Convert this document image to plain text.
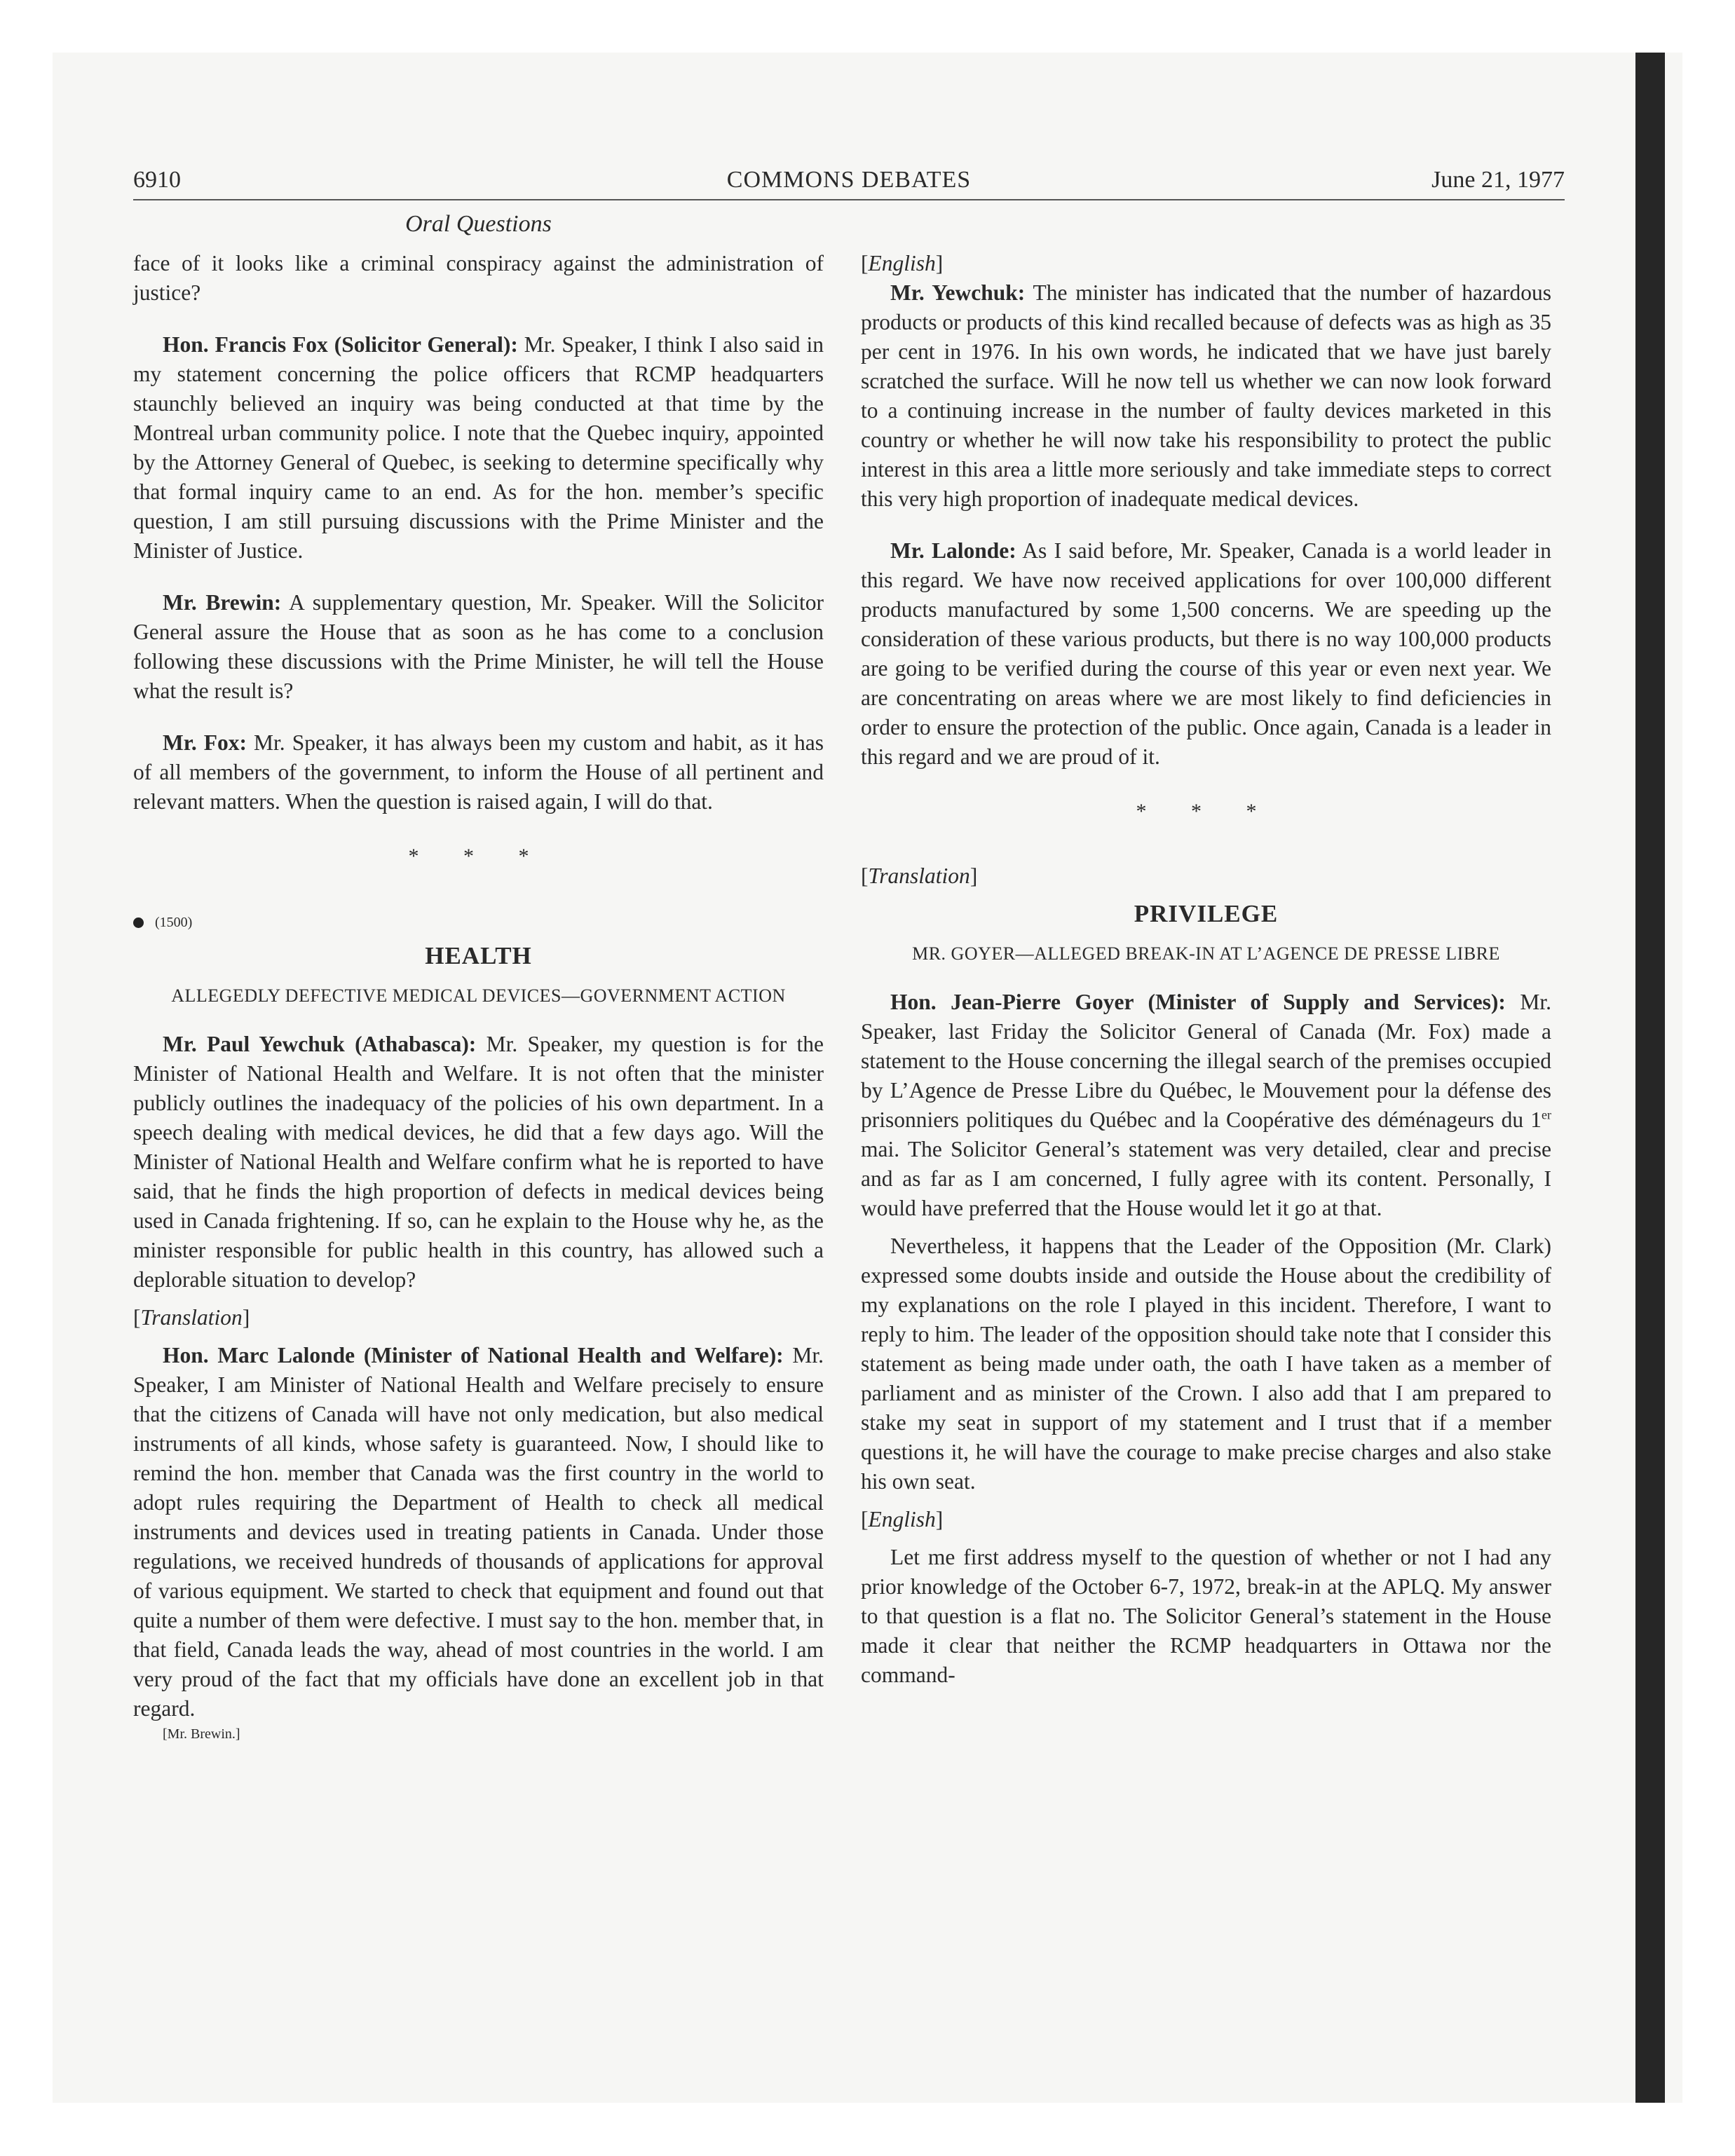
6910	COMMONS DEBATES	June 21, 1977
Oral Questions

face of it looks like a criminal conspiracy against the administration of justice?

Hon. Francis Fox (Solicitor General): Mr. Speaker, I think I also said in my statement concerning the police officers that RCMP headquarters staunchly believed an inquiry was being conducted at that time by the Montreal urban community police. I note that the Quebec inquiry, appointed by the Attorney General of Quebec, is seeking to determine specifically why that formal inquiry came to an end. As for the hon. member’s specific question, I am still pursuing discussions with the Prime Minister and the Minister of Justice.

Mr. Brewin: A supplementary question, Mr. Speaker. Will the Solicitor General assure the House that as soon as he has come to a conclusion following these discussions with the Prime Minister, he will tell the House what the result is?

Mr. Fox: Mr. Speaker, it has always been my custom and habit, as it has of all members of the government, to inform the House of all pertinent and relevant matters. When the question is raised again, I will do that.

* * *
(1500)
HEALTH
ALLEGEDLY DEFECTIVE MEDICAL DEVICES—GOVERNMENT ACTION

Mr. Paul Yewchuk (Athabasca): Mr. Speaker, my question is for the Minister of National Health and Welfare. It is not often that the minister publicly outlines the inadequacy of the policies of his own department. In a speech dealing with medical devices, he did that a few days ago. Will the Minister of National Health and Welfare confirm what he is reported to have said, that he finds the high proportion of defects in medical devices being used in Canada frightening. If so, can he explain to the House why he, as the minister responsible for public health in this country, has allowed such a deplorable situation to develop?

[Translation]

Hon. Marc Lalonde (Minister of National Health and Welfare): Mr. Speaker, I am Minister of National Health and Welfare precisely to ensure that the citizens of Canada will have not only medication, but also medical instruments of all kinds, whose safety is guaranteed. Now, I should like to remind the hon. member that Canada was the first country in the world to adopt rules requiring the Department of Health to check all medical instruments and devices used in treating patients in Canada. Under those regulations, we received hundreds of thousands of applications for approval of various equipment. We started to check that equipment and found out that quite a number of them were defective. I must say to the hon. member that, in that field, Canada leads the way, ahead of most countries in the world. I am very proud of the fact that my officials have done an excellent job in that regard.

[Mr. Brewin.]

[English]

Mr. Yewchuk: The minister has indicated that the number of hazardous products or products of this kind recalled because of defects was as high as 35 per cent in 1976. In his own words, he indicated that we have just barely scratched the surface. Will he now tell us whether we can now look forward to a continuing increase in the number of faulty devices marketed in this country or whether he will now take his responsibility to protect the public interest in this area a little more seriously and take immediate steps to correct this very high proportion of inadequate medical devices.

Mr. Lalonde: As I said before, Mr. Speaker, Canada is a world leader in this regard. We have now received applications for over 100,000 different products manufactured by some 1,500 concerns. We are speeding up the consideration of these various products, but there is no way 100,000 products are going to be verified during the course of this year or even next year. We are concentrating on areas where we are most likely to find deficiencies in order to ensure the protection of the public. Once again, Canada is a leader in this regard and we are proud of it.

* * *

[Translation]

PRIVILEGE
MR. GOYER—ALLEGED BREAK-IN AT L’AGENCE DE PRESSE LIBRE

Hon. Jean-Pierre Goyer (Minister of Supply and Services): Mr. Speaker, last Friday the Solicitor General of Canada (Mr. Fox) made a statement to the House concerning the illegal search of the premises occupied by L’Agence de Presse Libre du Québec, le Mouvement pour la défense des prisonniers politiques du Québec and la Coopérative des déménageurs du 1er mai. The Solicitor General’s statement was very detailed, clear and precise and as far as I am concerned, I fully agree with its content. Personally, I would have preferred that the House would let it go at that.

Nevertheless, it happens that the Leader of the Opposition (Mr. Clark) expressed some doubts inside and outside the House about the credibility of my explanations on the role I played in this incident. Therefore, I want to reply to him. The leader of the opposition should take note that I consider this statement as being made under oath, the oath I have taken as a member of parliament and as minister of the Crown. I also add that I am prepared to stake my seat in support of my statement and I trust that if a member questions it, he will have the courage to make precise charges and also stake his own seat.

[English]

Let me first address myself to the question of whether or not I had any prior knowledge of the October 6-7, 1972, break-in at the APLQ. My answer to that question is a flat no. The Solicitor General’s statement in the House made it clear that neither the RCMP headquarters in Ottawa nor the command-
